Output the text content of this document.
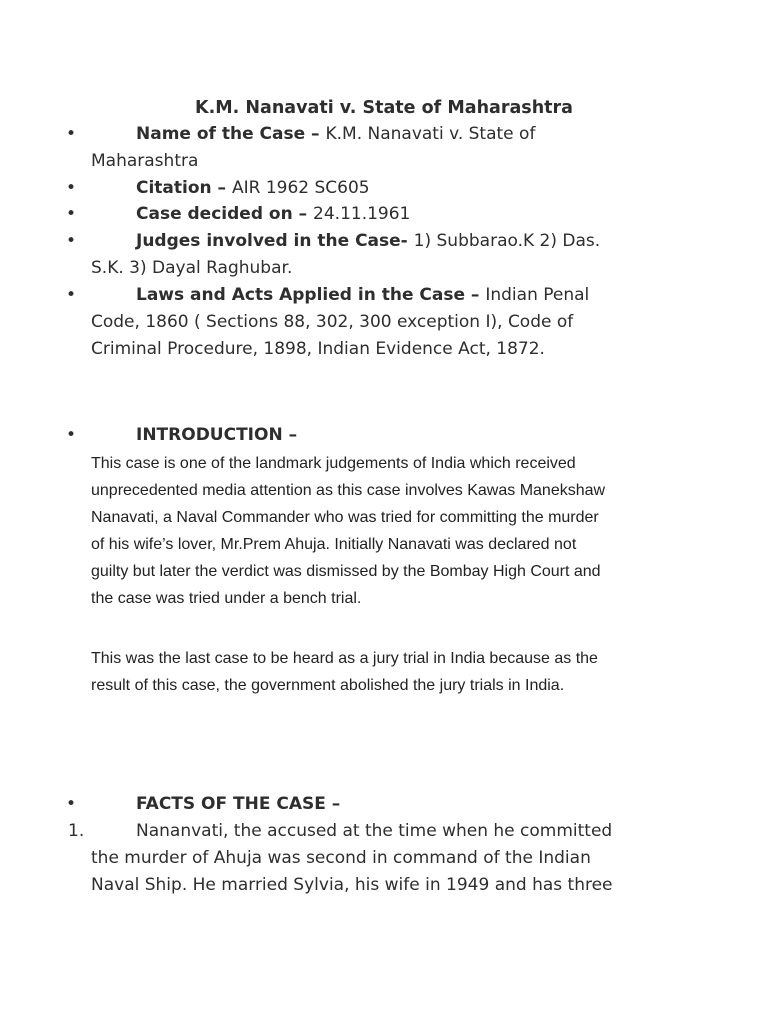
K.M. Nanavati v. State of Maharashtra
•	Name of the Case – K.M. Nanavati v. State of
Maharashtra
•	Citation – AIR 1962 SC605
•	Case decided on – 24.11.1961
•	Judges involved in the Case- 1) Subbarao.K 2) Das.
S.K. 3) Dayal Raghubar.
•	Laws and Acts Applied in the Case – Indian Penal
Code, 1860 ( Sections 88, 302, 300 exception I), Code of
Criminal Procedure, 1898, Indian Evidence Act, 1872.
•	INTRODUCTION –
This case is one of the landmark judgements of India which received
unprecedented media attention as this case involves Kawas Manekshaw
Nanavati, a Naval Commander who was tried for committing the murder
of his wife’s lover, Mr.Prem Ahuja. Initially Nanavati was declared not
guilty but later the verdict was dismissed by the Bombay High Court and
the case was tried under a bench trial.
This was the last case to be heard as a jury trial in India because as the
result of this case, the government abolished the jury trials in India.
•	FACTS OF THE CASE –
1.	Nananvati, the accused at the time when he committed
the murder of Ahuja was second in command of the Indian
Naval Ship. He married Sylvia, his wife in 1949 and has three
